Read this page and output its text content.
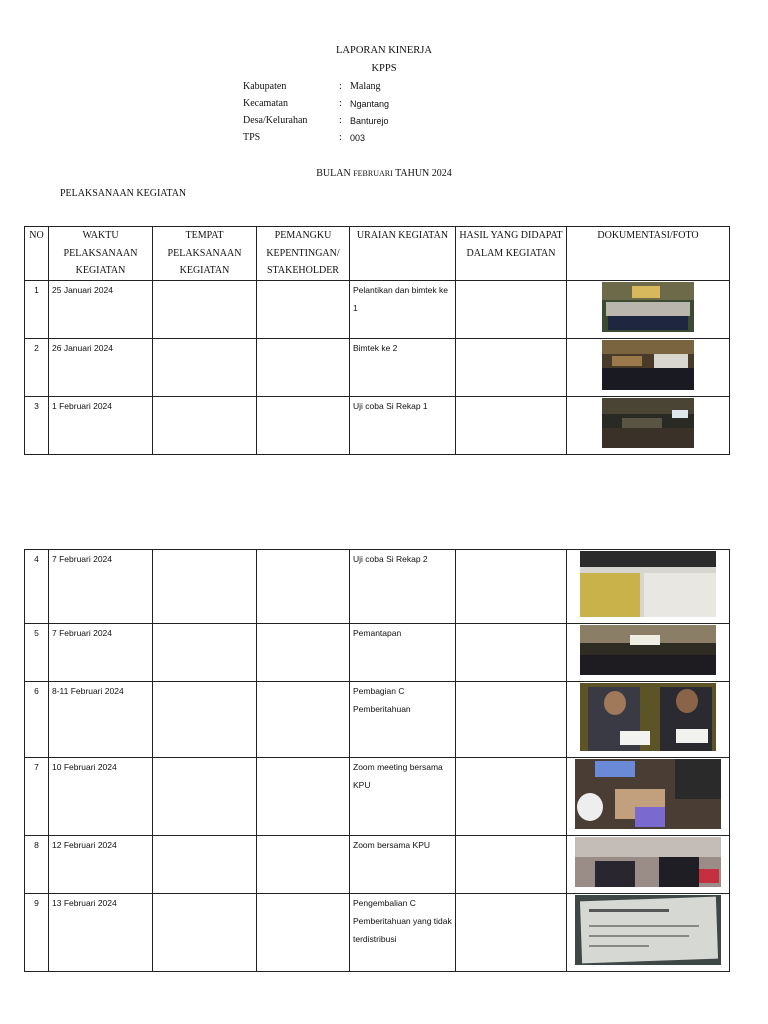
LAPORAN KINERJA
KPPS
Kabupaten	: Malang
Kecamatan	: Ngantang
Desa/Kelurahan	: Banturejo
TPS	: 003
BULAN FEBRUARI TAHUN 2024
PELAKSANAAN KEGIATAN
NO	WAKTU PELAKSANAAN KEGIATAN	TEMPAT PELAKSANAAN KEGIATAN	PEMANGKU KEPENTINGAN/ STAKEHOLDER	URAIAN KEGIATAN	HASIL YANG DIDAPAT DALAM KEGIATAN	DOKUMENTASI/FOTO
1	25 Januari 2024			Pelantikan dan bimtek ke 1		

2	26 Januari 2024			Bimtek ke 2		

3	1 Februari 2024			Uji coba Si Rekap 1		
4	7 Februari 2024			Uji coba Si Rekap 2		

5	7 Februari 2024			Pemantapan		

6	8-11 Februari 2024			Pembagian C Pemberitahuan		

7	10 Februari 2024			Zoom meeting bersama KPU		

8	12 Februari 2024			Zoom bersama KPU		

9	13 Februari 2024			Pengembalian C Pemberitahuan yang tidak terdistribusi		
